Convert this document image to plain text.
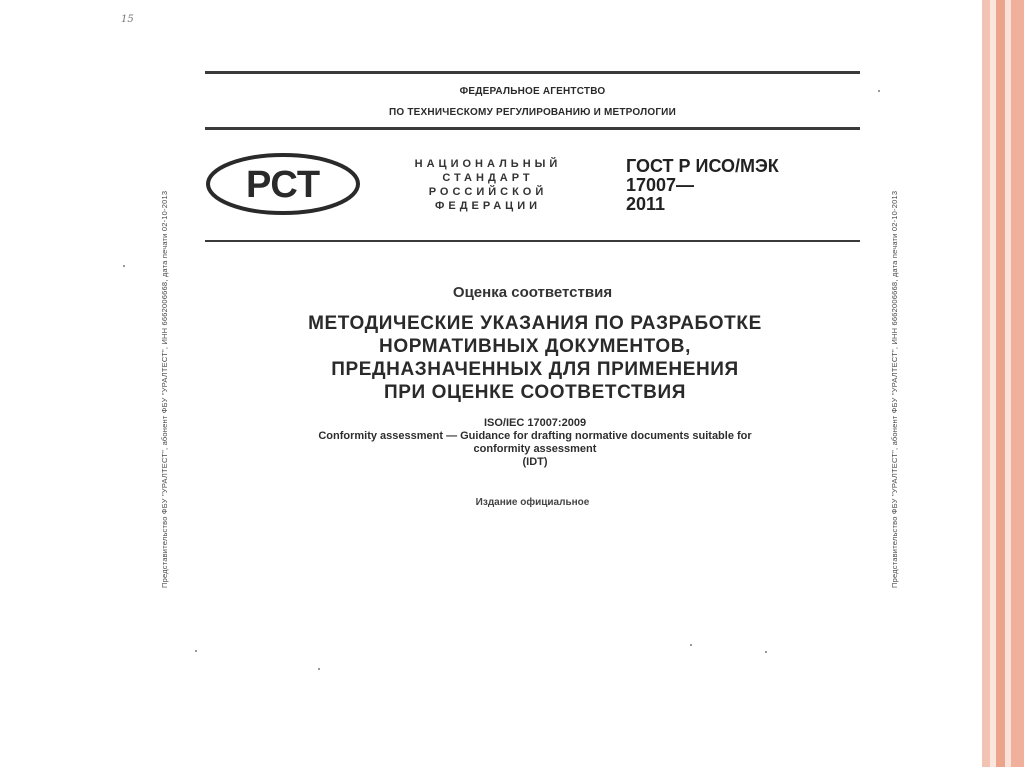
15
ФЕДЕРАЛЬНОЕ АГЕНТСТВО
ПО ТЕХНИЧЕСКОМУ РЕГУЛИРОВАНИЮ И МЕТРОЛОГИИ
РСТ	НАЦИОНАЛЬНЫЙ
СТАНДАРТ
РОССИЙСКОЙ
ФЕДЕРАЦИИ
ГОСТ Р ИСО/МЭК
17007—
2011
Оценка соответствия
МЕТОДИЧЕСКИЕ УКАЗАНИЯ ПО РАЗРАБОТКЕ
НОРМАТИВНЫХ ДОКУМЕНТОВ,
ПРЕДНАЗНАЧЕННЫХ ДЛЯ ПРИМЕНЕНИЯ
ПРИ ОЦЕНКЕ СООТВЕТСТВИЯ
ISO/IEC 17007:2009
Conformity assessment — Guidance for drafting normative documents suitable for
conformity assessment
(IDT)
Издание официальное
Представительство ФБУ "УРАЛТЕСТ", абонент ФБУ "УРАЛТЕСТ", ИНН 6662006668, дата печати 02-10-2013	Представительство ФБУ "УРАЛТЕСТ", абонент ФБУ "УРАЛТЕСТ", ИНН 6662006668, дата печати 02-10-2013
